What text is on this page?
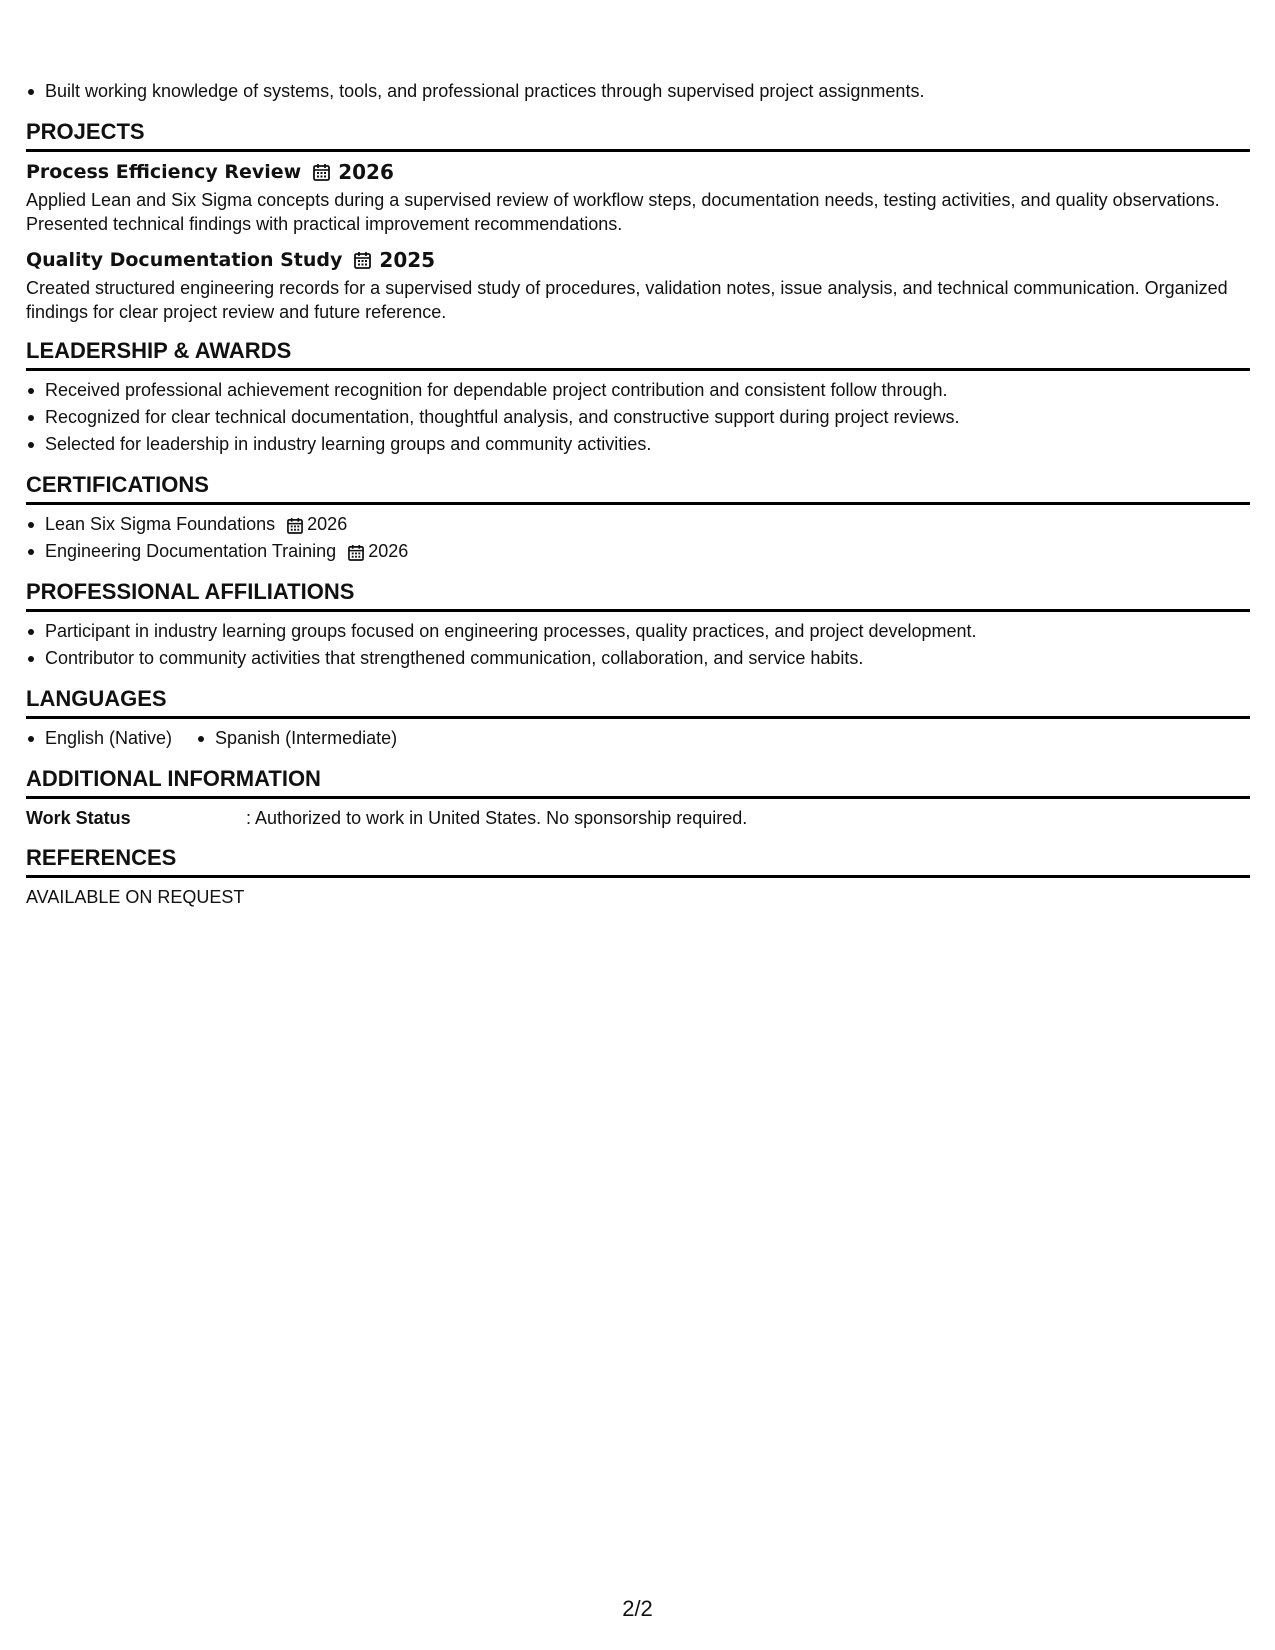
Built working knowledge of systems, tools, and professional practices through supervised project assignments.
PROJECTS
Process Efficiency Review 2026

Applied Lean and Six Sigma concepts during a supervised review of workflow steps, documentation needs, testing activities, and quality observations. Presented technical findings with practical improvement recommendations.

Quality Documentation Study 2025

Created structured engineering records for a supervised study of procedures, validation notes, issue analysis, and technical communication. Organized findings for clear project review and future reference.

LEADERSHIP & AWARDS
Received professional achievement recognition for dependable project contribution and consistent follow through.
Recognized for clear technical documentation, thoughtful analysis, and constructive support during project reviews.
Selected for leadership in industry learning groups and community activities.
CERTIFICATIONS
Lean Six Sigma Foundations 2026
Engineering Documentation Training 2026
PROFESSIONAL AFFILIATIONS
Participant in industry learning groups focused on engineering processes, quality practices, and project development.
Contributor to community activities that strengthened communication, collaboration, and service habits.
LANGUAGES
English (Native)	Spanish (Intermediate)
ADDITIONAL INFORMATION
Work Status	: Authorized to work in United States. No sponsorship required.
REFERENCES
AVAILABLE ON REQUEST
2/2
